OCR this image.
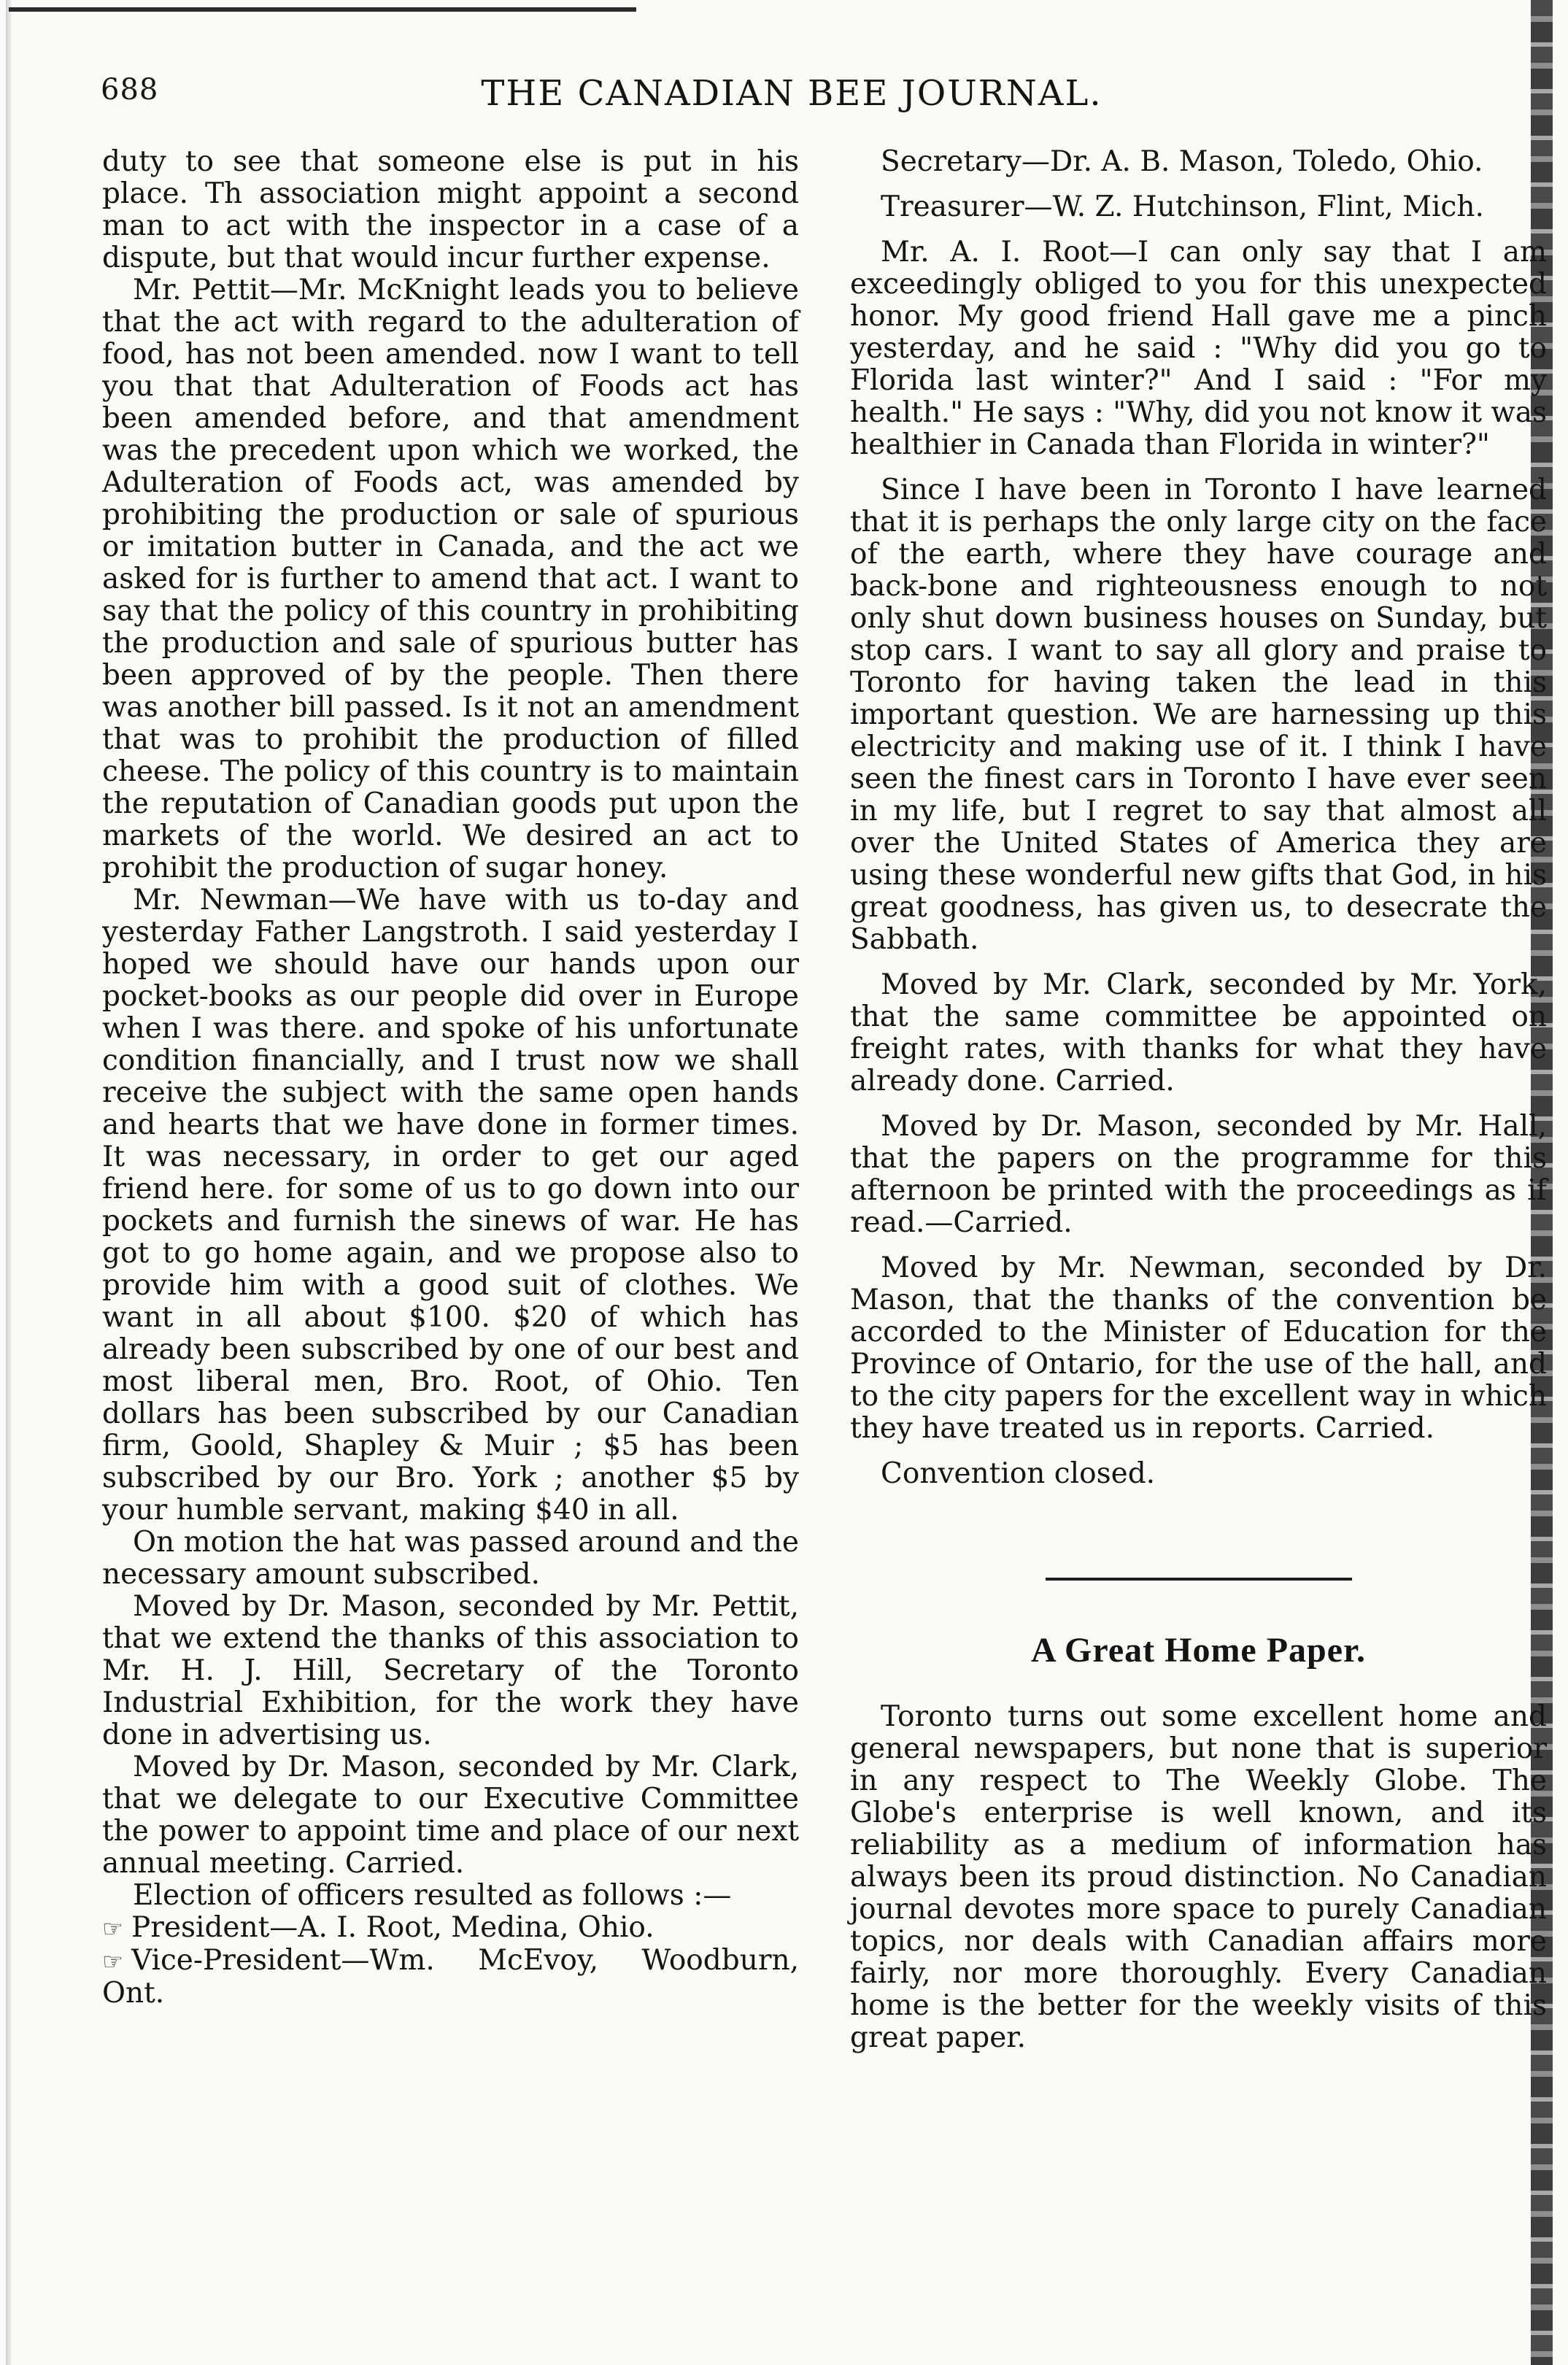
688	THE CANADIAN BEE JOURNAL.

duty to see that someone else is put in his place. Th association might appoint a second man to act with the inspector in a case of a dispute, but that would incur further expense.

Mr. Pettit—Mr. McKnight leads you to believe that the act with regard to the adulteration of food, has not been amended. now I want to tell you that that Adulteration of Foods act has been amended before, and that amendment was the precedent upon which we worked, the Adulteration of Foods act, was amended by prohibiting the production or sale of spurious or imitation butter in Canada, and the act we asked for is further to amend that act. I want to say that the policy of this country in prohibiting the production and sale of spurious butter has been approved of by the people. Then there was another bill passed. Is it not an amendment that was to prohibit the production of filled cheese. The policy of this country is to maintain the reputation of Canadian goods put upon the markets of the world. We desired an act to prohibit the production of sugar honey.

Mr. Newman—We have with us to-day and yesterday Father Langstroth. I said yesterday I hoped we should have our hands upon our pocket-books as our people did over in Europe when I was there. and spoke of his unfortunate condition financially, and I trust now we shall receive the subject with the same open hands and hearts that we have done in former times. It was necessary, in order to get our aged friend here. for some of us to go down into our pockets and furnish the sinews of war. He has got to go home again, and we propose also to provide him with a good suit of clothes. We want in all about $100. $20 of which has already been subscribed by one of our best and most liberal men, Bro. Root, of Ohio. Ten dollars has been subscribed by our Canadian firm, Goold, Shapley & Muir ; $5 has been subscribed by our Bro. York ; another $5 by your humble servant, making $40 in all.

On motion the hat was passed around and the necessary amount subscribed.

Moved by Dr. Mason, seconded by Mr. Pettit, that we extend the thanks of this association to Mr. H. J. Hill, Secretary of the Toronto Industrial Exhibition, for the work they have done in advertising us.

Moved by Dr. Mason, seconded by Mr. Clark, that we delegate to our Executive Committee the power to appoint time and place of our next annual meeting. Carried.

Election of officers resulted as follows :—

☞ President—A. I. Root, Medina, Ohio.

☞ Vice-President—Wm. McEvoy, Woodburn, Ont.

Secretary—Dr. A. B. Mason, Toledo, Ohio.

Treasurer—W. Z. Hutchinson, Flint, Mich.

Mr. A. I. Root—I can only say that I am exceedingly obliged to you for this unexpected honor. My good friend Hall gave me a pinch yesterday, and he said : "Why did you go to Florida last winter?" And I said : "For my health." He says : "Why, did you not know it was healthier in Canada than Florida in winter?"

Since I have been in Toronto I have learned that it is perhaps the only large city on the face of the earth, where they have courage and back-bone and righteousness enough to not only shut down business houses on Sunday, but stop cars. I want to say all glory and praise to Toronto for having taken the lead in this important question. We are harnessing up this electricity and making use of it. I think I have seen the finest cars in Toronto I have ever seen in my life, but I regret to say that almost all over the United States of America they are using these wonderful new gifts that God, in his great goodness, has given us, to desecrate the Sabbath.

Moved by Mr. Clark, seconded by Mr. York, that the same committee be appointed on freight rates, with thanks for what they have already done. Carried.

Moved by Dr. Mason, seconded by Mr. Hall, that the papers on the programme for this afternoon be printed with the proceedings as if read.—Carried.

Moved by Mr. Newman, seconded by Dr. Mason, that the thanks of the convention be accorded to the Minister of Education for the Province of Ontario, for the use of the hall, and to the city papers for the excellent way in which they have treated us in reports. Carried.

Convention closed.

A Great Home Paper.

Toronto turns out some excellent home and general newspapers, but none that is superior in any respect to The Weekly Globe. The Globe's enterprise is well known, and its reliability as a medium of information has always been its proud distinction. No Canadian journal devotes more space to purely Canadian topics, nor deals with Canadian affairs more fairly, nor more thoroughly. Every Canadian home is the better for the weekly visits of this great paper.
